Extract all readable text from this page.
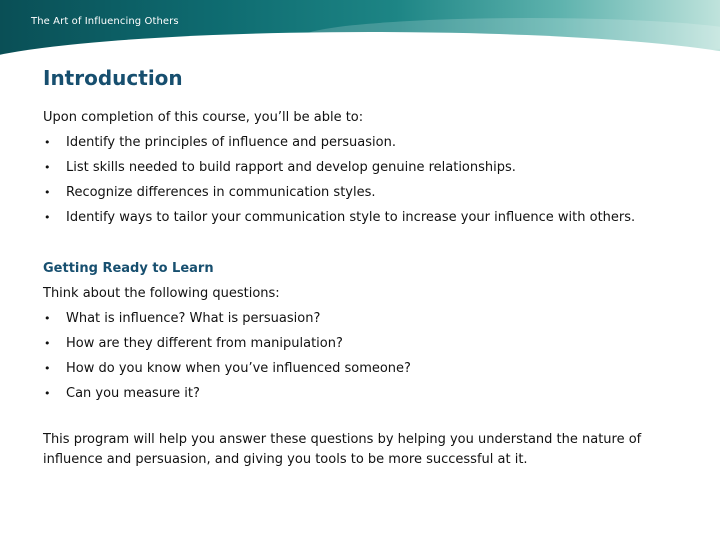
The Art of Influencing Others
Introduction

Upon completion of this course, you’ll be able to:

• Identify the principles of influence and persuasion.
• List skills needed to build rapport and develop genuine relationships.
• Recognize differences in communication styles.
• Identify ways to tailor your communication style to increase your influence with others.
Getting Ready to Learn

Think about the following questions:

• What is influence? What is persuasion?
• How are they different from manipulation?
• How do you know when you’ve influenced someone?
• Can you measure it?

This program will help you answer these questions by helping you understand the nature of influence and persuasion, and giving you tools to be more successful at it.
